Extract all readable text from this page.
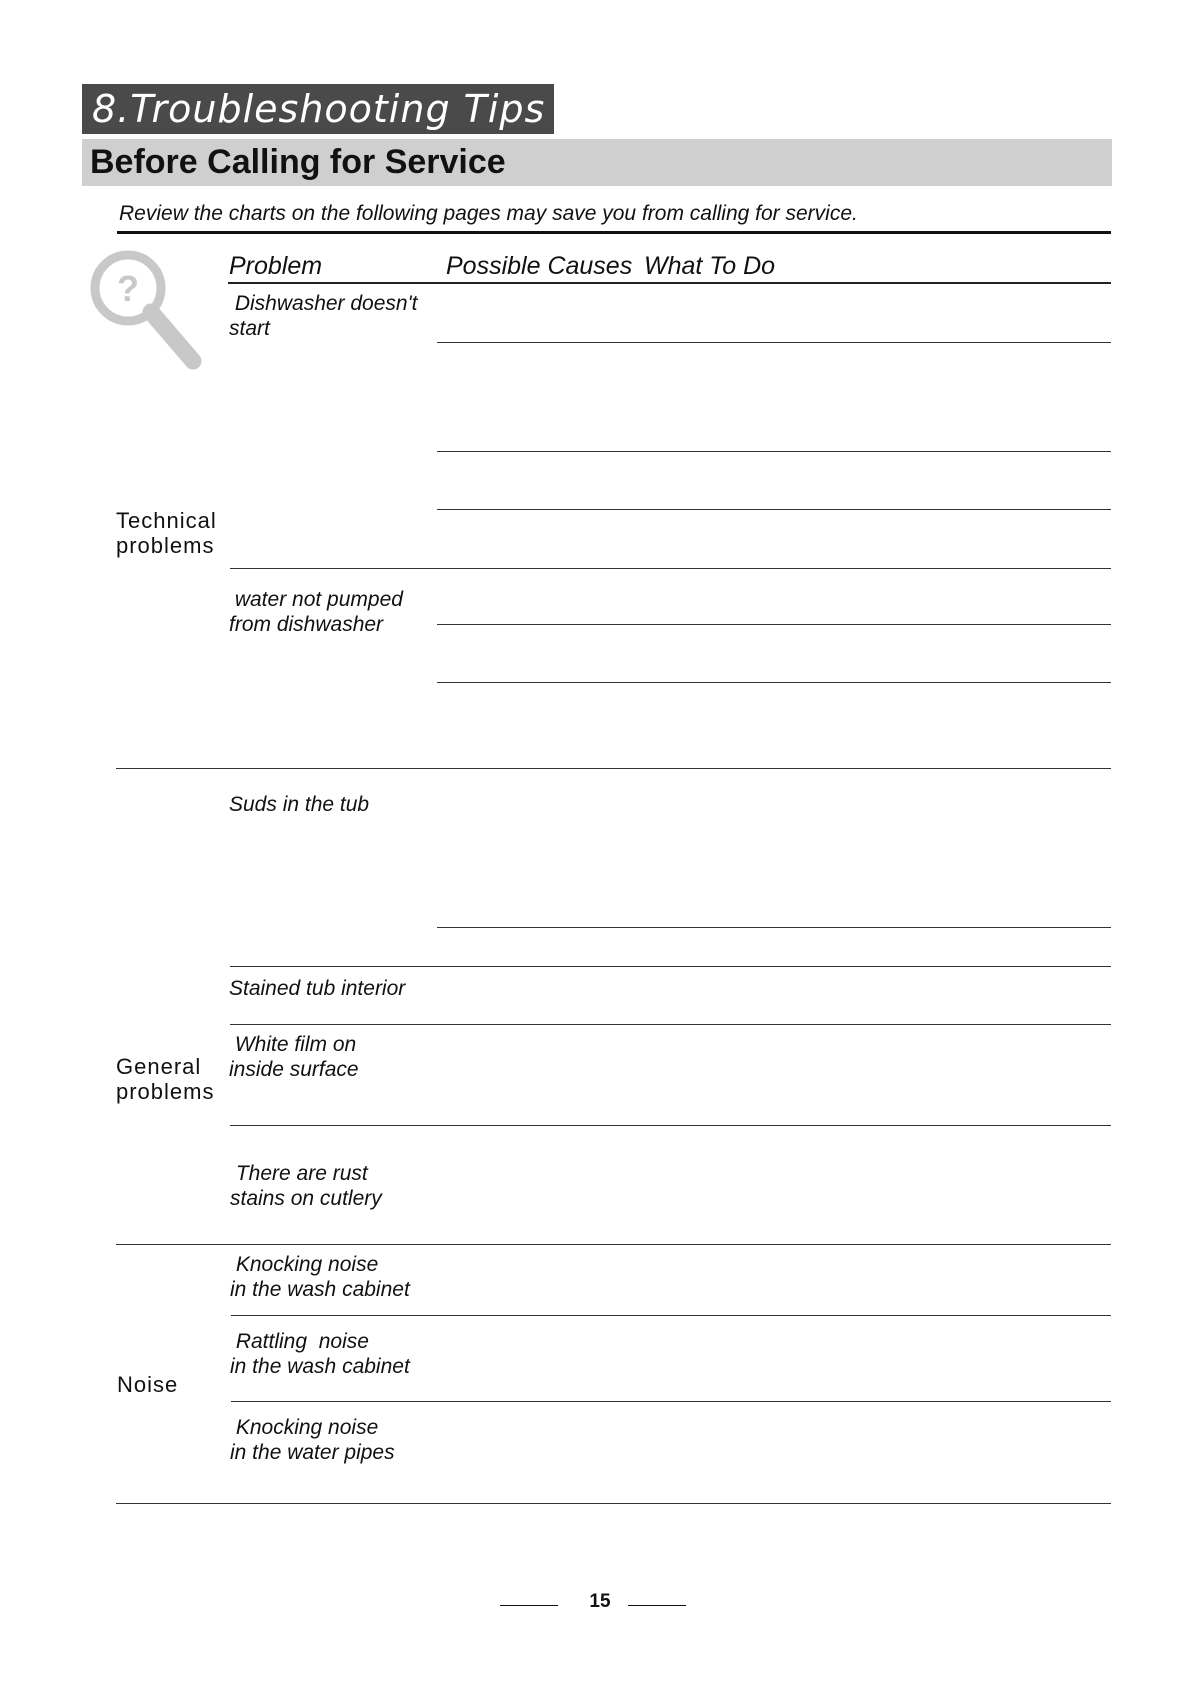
8.Troubleshooting Tips
Before Calling for Service
Review the charts on the following pages may save you from calling for service.
?
Problem	Possible Causes What To Do
Technical
problems
General
problems
Noise
Dishwasher doesn't
start
water not pumped
from dishwasher
Suds in the tub
Stained tub interior
White film on
inside surface
There are rust
stains on cutlery
Knocking noise
in the wash cabinet
Rattling  noise
in the wash cabinet
Knocking noise
in the water pipes
15
